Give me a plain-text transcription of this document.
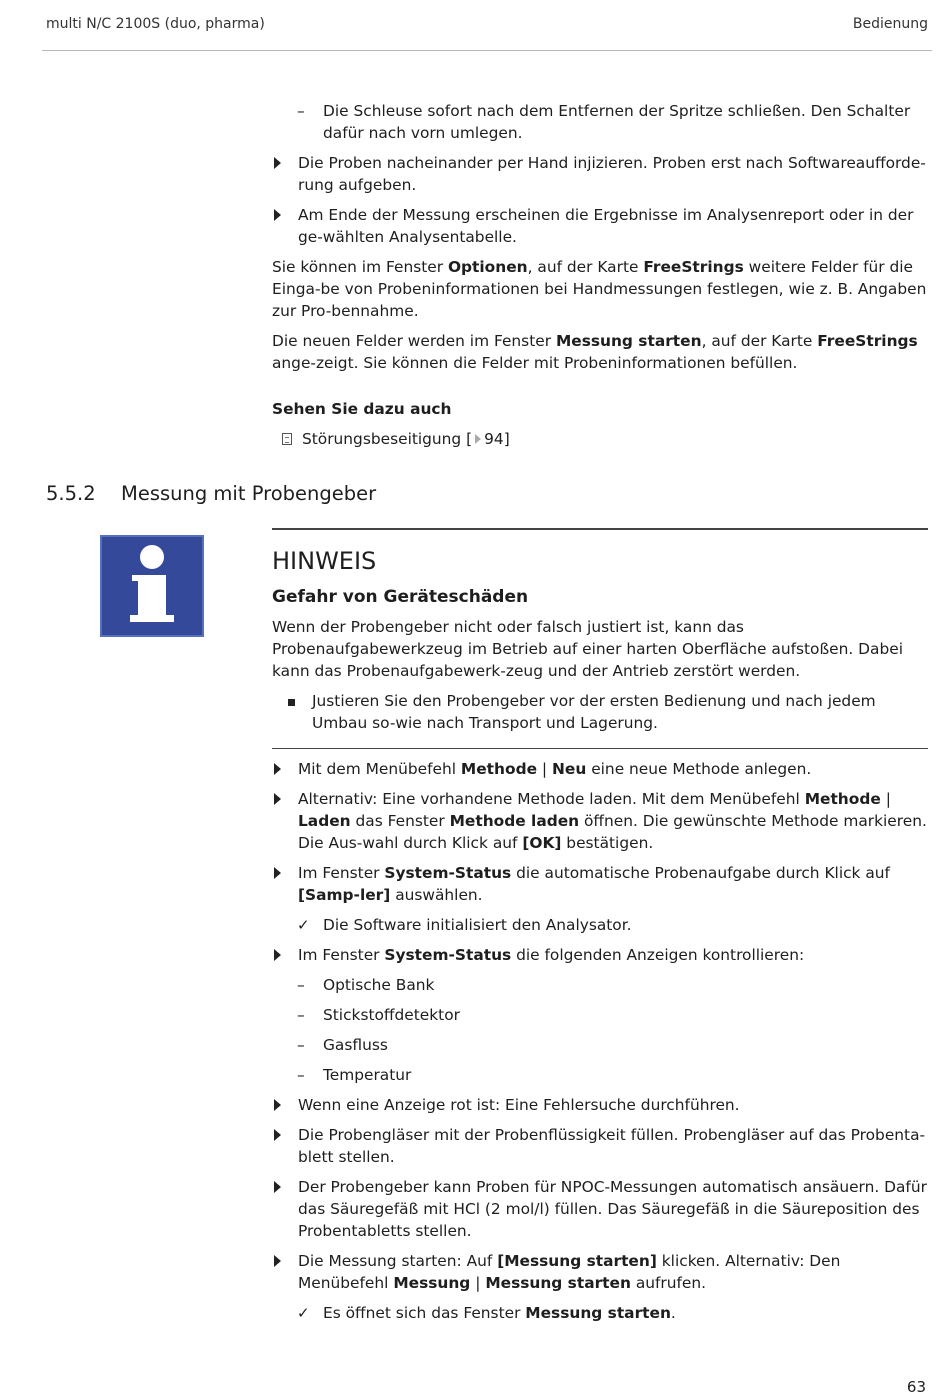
multi N/C 2100S (duo, pharma)	Bedienung
–	Die Schleuse sofort nach dem Entfernen der Spritze schließen. Den Schalter dafür nach vorn umlegen.
Die Proben nacheinander per Hand injizieren. Proben erst nach Softwareaufforde-rung aufgeben.
Am Ende der Messung erscheinen die Ergebnisse im Analysenreport oder in der ge-wählten Analysentabelle.

Sie können im Fenster Optionen, auf der Karte FreeStrings weitere Felder für die Einga-be von Probeninformationen bei Handmessungen festlegen, wie z. B. Angaben zur Pro-bennahme.

Die neuen Felder werden im Fenster Messung starten, auf der Karte FreeStrings ange-zeigt. Sie können die Felder mit Probeninformationen befüllen.

Sehen Sie dazu auch
Störungsbeseitigung [ 94]
5.5.2 Messung mit Probengeber
HINWEIS
Gefahr von Geräteschäden

Wenn der Probengeber nicht oder falsch justiert ist, kann das Probenaufgabewerkzeug im Betrieb auf einer harten Oberfläche aufstoßen. Dabei kann das Probenaufgabewerk-zeug und der Antrieb zerstört werden.

Justieren Sie den Probengeber vor der ersten Bedienung und nach jedem Umbau so-wie nach Transport und Lagerung.
Mit dem Menübefehl Methode | Neu eine neue Methode anlegen.
Alternativ: Eine vorhandene Methode laden. Mit dem Menübefehl Methode | Laden das Fenster Methode laden öffnen. Die gewünschte Methode markieren. Die Aus-wahl durch Klick auf [OK] bestätigen.
Im Fenster System-Status die automatische Probenaufgabe durch Klick auf [Samp-ler] auswählen.
✓ Die Software initialisiert den Analysator.
Im Fenster System-Status die folgenden Anzeigen kontrollieren:
–	Optische Bank
–	Stickstoffdetektor
–	Gasfluss
–	Temperatur
Wenn eine Anzeige rot ist: Eine Fehlersuche durchführen.
Die Probengläser mit der Probenflüssigkeit füllen. Probengläser auf das Probenta-blett stellen.
Der Probengeber kann Proben für NPOC-Messungen automatisch ansäuern. Dafür das Säuregefäß mit HCl (2 mol/l) füllen. Das Säuregefäß in die Säureposition des Probentabletts stellen.
Die Messung starten: Auf [Messung starten] klicken. Alternativ: Den Menübefehl Messung | Messung starten aufrufen.
✓ Es öffnet sich das Fenster Messung starten.
63
